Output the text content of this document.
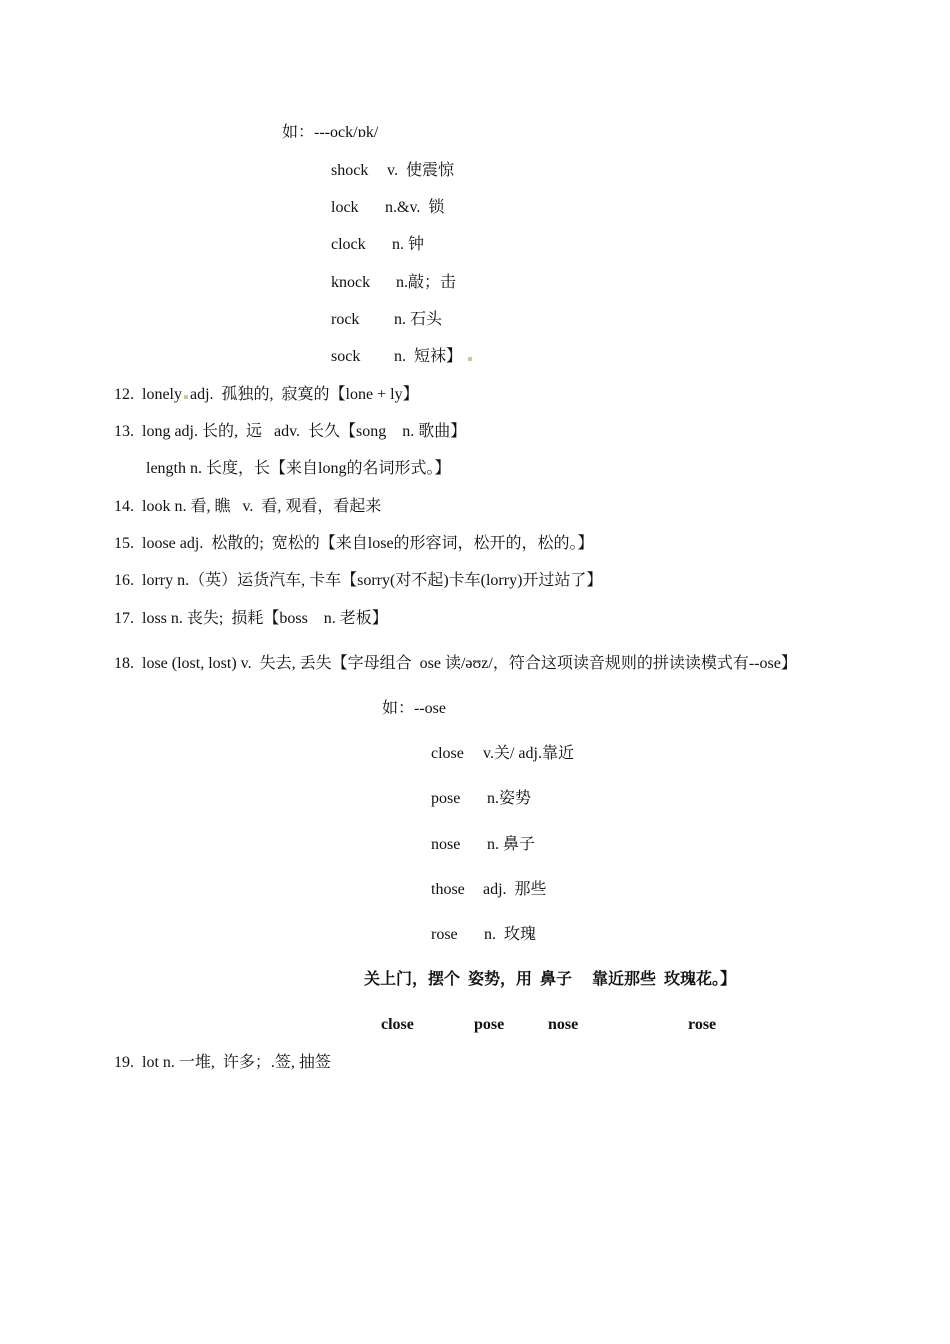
如：---ock/ɒk/
shock v.  使震惊
lock n.&v.  锁
clock n. 钟
knock n.敲；击
rock n. 石头
sock n.  短袜】
12. lonely adj.  孤独的,  寂寞的【lone + ly】
13. long adj. 长的,  远   adv.  长久【song    n. 歌曲】
length n. 长度，长【来自long的名词形式。】
14. look n. 看, 瞧   v.  看, 观看，看起来
15. loose adj.  松散的;  宽松的【来自lose的形容词，松开的，松的。】
16. lorry n.（英）运货汽车, 卡车【sorry(对不起)卡车(lorry)开过站了】
17. loss n. 丧失;  损耗【boss    n. 老板】
18. lose (lost, lost) v.  失去, 丢失【字母组合  ose 读/əʊz/，符合这项读音规则的拼读读模式有--ose】
如：--ose
close v.关/ adj.靠近
pose n.姿势
nose n. 鼻子
those adj.  那些
rose n.  玫瑰
关上门，摆个  姿势，用  鼻子     靠近那些  玫瑰花。】
close	pose	nose	rose
19. lot n. 一堆,  许多；.签, 抽签
